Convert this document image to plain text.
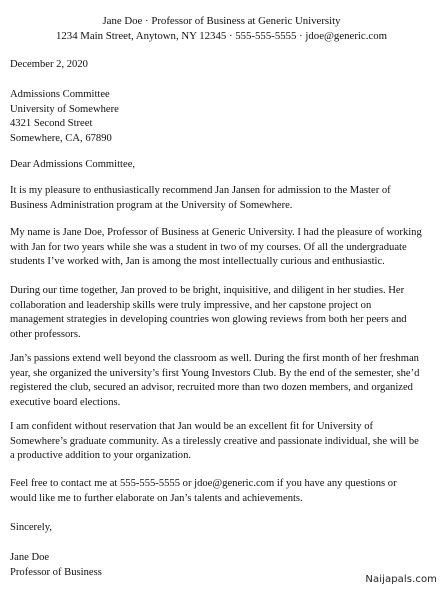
Jane Doe · Professor of Business at Generic University
1234 Main Street, Anytown, NY 12345 · 555-555-5555 · jdoe@generic.com
December 2, 2020
Admissions Committee
University of Somewhere
4321 Second Street
Somewhere, CA, 67890
Dear Admissions Committee,
It is my pleasure to enthusiastically recommend Jan Jansen for admission to the Master of
Business Administration program at the University of Somewhere.
My name is Jane Doe, Professor of Business at Generic University. I had the pleasure of working
with Jan for two years while she was a student in two of my courses. Of all the undergraduate
students I’ve worked with, Jan is among the most intellectually curious and enthusiastic.
During our time together, Jan proved to be bright, inquisitive, and diligent in her studies. Her
collaboration and leadership skills were truly impressive, and her capstone project on
management strategies in developing countries won glowing reviews from both her peers and
other professors.
Jan’s passions extend well beyond the classroom as well. During the first month of her freshman
year, she organized the university’s first Young Investors Club. By the end of the semester, she’d
registered the club, secured an advisor, recruited more than two dozen members, and organized
executive board elections.
I am confident without reservation that Jan would be an excellent fit for University of
Somewhere’s graduate community. As a tirelessly creative and passionate individual, she will be
a productive addition to your organization.
Feel free to contact me at 555-555-5555 or jdoe@generic.com if you have any questions or
would like me to further elaborate on Jan’s talents and achievements.
Sincerely,
Jane Doe
Professor of Business
Naijapals.com
